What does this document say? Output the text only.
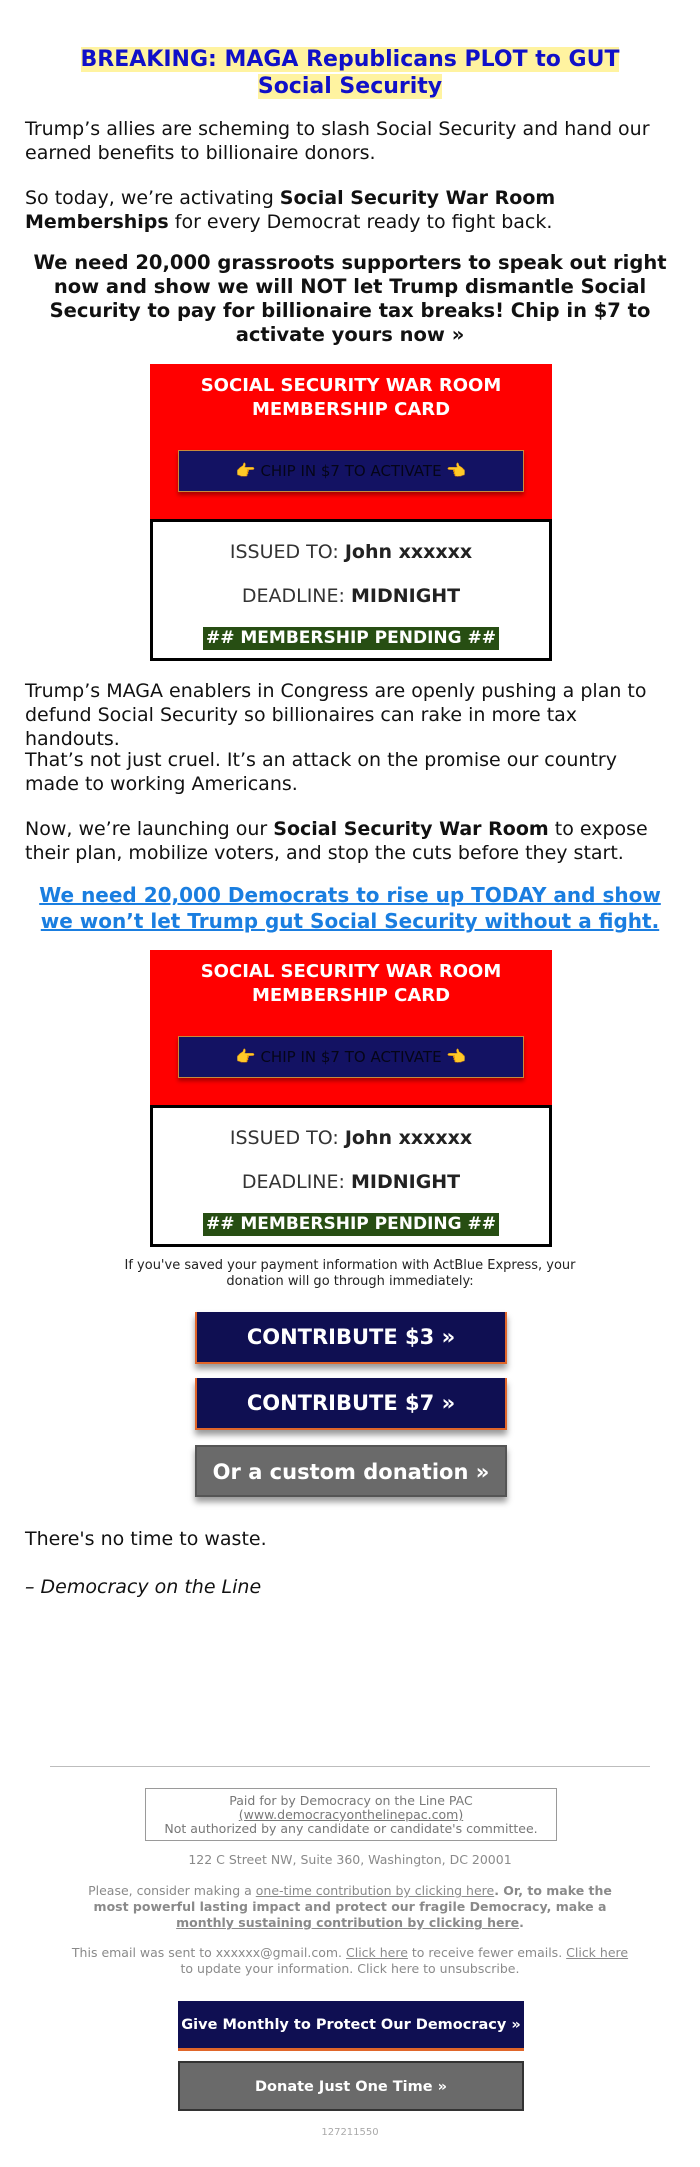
BREAKING: MAGA Republicans PLOT to GUT Social Security

Trump’s allies are scheming to slash Social Security and hand our earned benefits to billionaire donors.

So today, we’re activating Social Security War Room Memberships for every Democrat ready to fight back.

We need 20,000 grassroots supporters to speak out right now and show we will NOT let Trump dismantle Social Security to pay for billionaire tax breaks! Chip in $7 to activate yours now »

SOCIAL SECURITY WAR ROOM
MEMBERSHIP CARD
👉 CHIP IN $7 TO ACTIVATE 👈
ISSUED TO: John xxxxxx
DEADLINE: MIDNIGHT
## MEMBERSHIP PENDING ##

Trump’s MAGA enablers in Congress are openly pushing a plan to defund Social Security so billionaires can rake in more tax handouts.

That’s not just cruel. It’s an attack on the promise our country made to working Americans.

Now, we’re launching our Social Security War Room to expose their plan, mobilize voters, and stop the cuts before they start.

We need 20,000 Democrats to rise up TODAY and show we won’t let Trump gut Social Security without a fight.

SOCIAL SECURITY WAR ROOM
MEMBERSHIP CARD
👉 CHIP IN $7 TO ACTIVATE 👈
ISSUED TO: John xxxxxx
DEADLINE: MIDNIGHT
## MEMBERSHIP PENDING ##
If you've saved your payment information with ActBlue Express, your donation will go through immediately:
CONTRIBUTE $3 »
CONTRIBUTE $7 »
Or a custom donation »
There's no time to waste.
– Democracy on the Line
Paid for by Democracy on the Line PAC
(www.democracyonthelinepac.com)
Not authorized by any candidate or candidate's committee.
122 C Street NW, Suite 360, Washington, DC 20001
Please, consider making a one-time contribution by clicking here. Or, to make the most powerful lasting impact and protect our fragile Democracy, make a monthly sustaining contribution by clicking here.
This email was sent to xxxxxx@gmail.com. Click here to receive fewer emails. Click here to update your information. Click here to unsubscribe.
Give Monthly to Protect Our Democracy »
Donate Just One Time »
127211550
